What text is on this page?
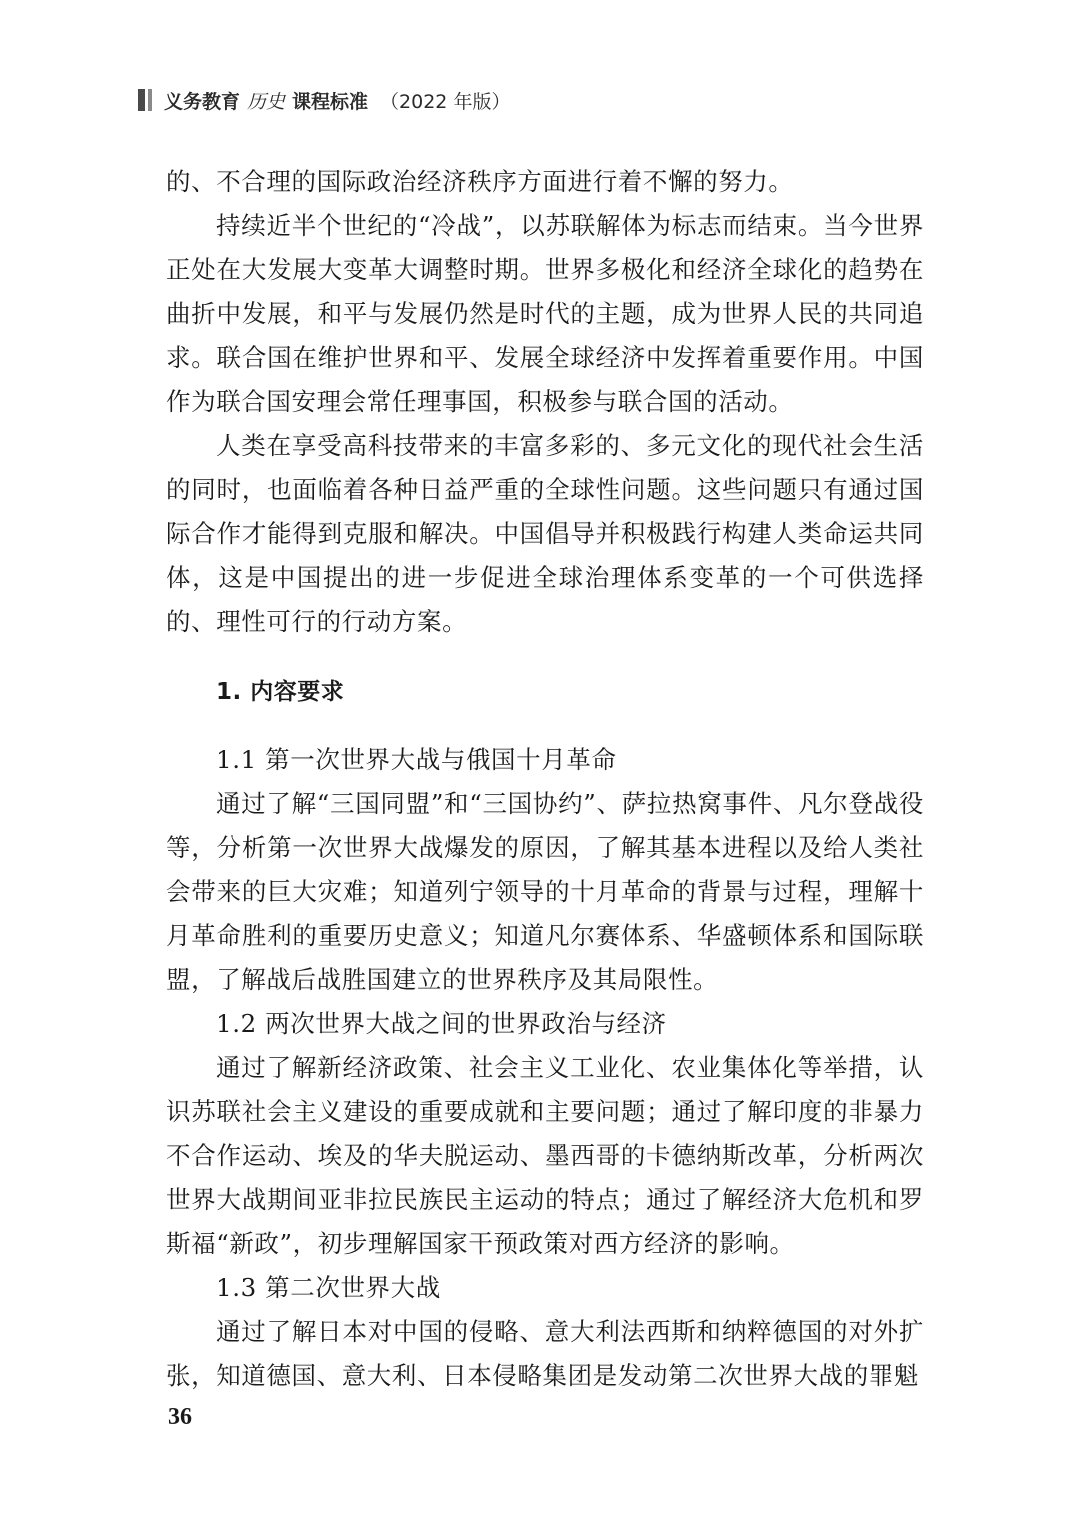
义务教育 历史 课程标准 （2022 年版）

的、不合理的国际政治经济秩序方面进行着不懈的努力。

持续近半个世纪的“冷战”，以苏联解体为标志而结束。当今世界正处在大发展大变革大调整时期。世界多极化和经济全球化的趋势在曲折中发展，和平与发展仍然是时代的主题，成为世界人民的共同追求。联合国在维护世界和平、发展全球经济中发挥着重要作用。中国作为联合国安理会常任理事国，积极参与联合国的活动。

人类在享受高科技带来的丰富多彩的、多元文化的现代社会生活的同时，也面临着各种日益严重的全球性问题。这些问题只有通过国际合作才能得到克服和解决。中国倡导并积极践行构建人类命运共同体，这是中国提出的进一步促进全球治理体系变革的一个可供选择的、理性可行的行动方案。

1. 内容要求
1.1 第一次世界大战与俄国十月革命

通过了解“三国同盟”和“三国协约”、萨拉热窝事件、凡尔登战役等，分析第一次世界大战爆发的原因，了解其基本进程以及给人类社会带来的巨大灾难；知道列宁领导的十月革命的背景与过程，理解十月革命胜利的重要历史意义；知道凡尔赛体系、华盛顿体系和国际联盟，了解战后战胜国建立的世界秩序及其局限性。

1.2 两次世界大战之间的世界政治与经济

通过了解新经济政策、社会主义工业化、农业集体化等举措，认识苏联社会主义建设的重要成就和主要问题；通过了解印度的非暴力不合作运动、埃及的华夫脱运动、墨西哥的卡德纳斯改革，分析两次世界大战期间亚非拉民族民主运动的特点；通过了解经济大危机和罗斯福“新政”，初步理解国家干预政策对西方经济的影响。

1.3 第二次世界大战

通过了解日本对中国的侵略、意大利法西斯和纳粹德国的对外扩张，知道德国、意大利、日本侵略集团是发动第二次世界大战的罪魁

36
